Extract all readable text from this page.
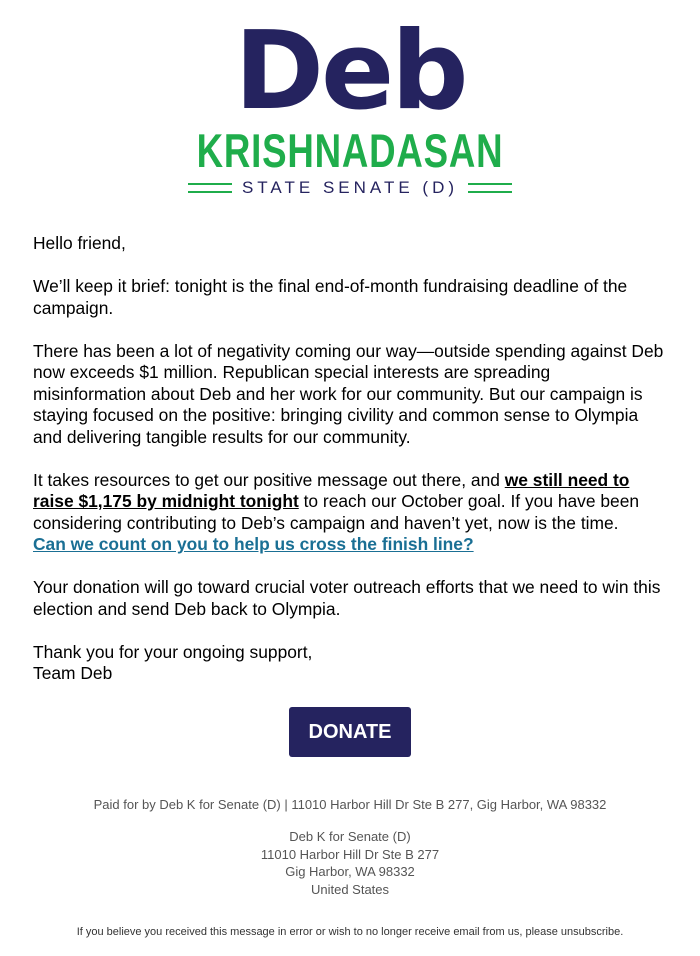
Deb
KRISHNADASAN
STATE SENATE (D)

Hello friend,

We’ll keep it brief: tonight is the final end-of-month fundraising deadline of the campaign.

There has been a lot of negativity coming our way—outside spending against Deb now exceeds $1 million. Republican special interests are spreading misinformation about Deb and her work for our community. But our campaign is staying focused on the positive: bringing civility and common sense to Olympia and delivering tangible results for our community.

It takes resources to get our positive message out there, and we still need to raise $1,175 by midnight tonight to reach our October goal. If you have been considering contributing to Deb’s campaign and haven’t yet, now is the time.
Can we count on you to help us cross the finish line?

Your donation will go toward crucial voter outreach efforts that we need to win this election and send Deb back to Olympia.

Thank you for your ongoing support,
Team Deb

DONATE
Paid for by Deb K for Senate (D) | 11010 Harbor Hill Dr Ste B 277, Gig Harbor, WA 98332
Deb K for Senate (D)
11010 Harbor Hill Dr Ste B 277
Gig Harbor, WA 98332
United States
If you believe you received this message in error or wish to no longer receive email from us, please unsubscribe.
